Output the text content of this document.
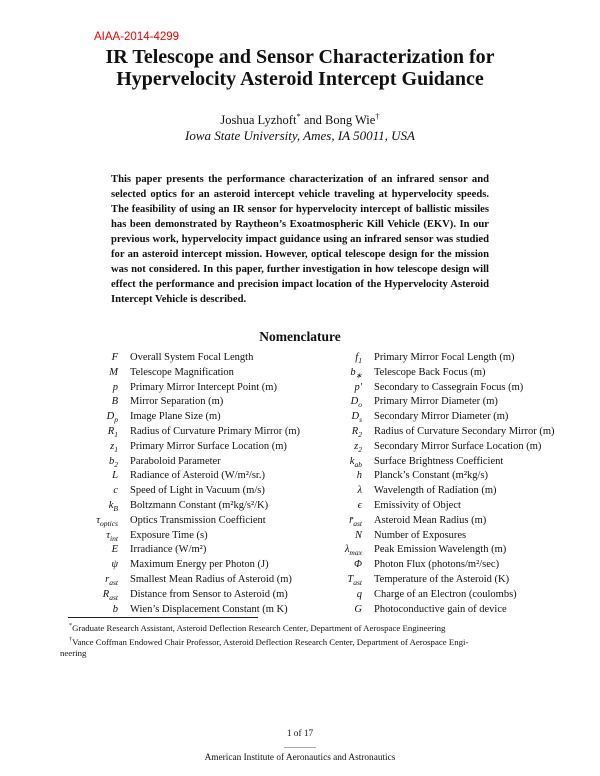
AIAA-2014-4299
IR Telescope and Sensor Characterization for
Hypervelocity Asteroid Intercept Guidance
Joshua Lyzhoft* and Bong Wie†
Iowa State University, Ames, IA 50011, USA
This paper presents the performance characterization of an infrared sensor and selected optics for an asteroid intercept vehicle traveling at hypervelocity speeds. The feasibility of using an IR sensor for hypervelocity intercept of ballistic missiles has been demonstrated by Raytheon’s Exoatmospheric Kill Vehicle (EKV). In our previous work, hypervelocity impact guidance using an infrared sensor was studied for an asteroid intercept mission. However, optical telescope design for the mission was not considered. In this paper, further investigation in how telescope design will effect the performance and precision impact location of the Hypervelocity Asteroid Intercept Vehicle is described.
Nomenclature
F	Overall System Focal Length	$f_1$	Primary Mirror Focal Length (m)
M	Telescope Magnification	$b_∗$	Telescope Back Focus (m)
p	Primary Mirror Intercept Point (m)	p′	Secondary to Cassegrain Focus (m)
B	Mirror Separation (m)	$D_o$	Primary Mirror Diameter (m)
$D_p$	Image Plane Size (m)	$D_s$	Secondary Mirror Diameter (m)
$R_1$	Radius of Curvature Primary Mirror (m)	$R_2$	Radius of Curvature Secondary Mirror (m)
$z_1$	Primary Mirror Surface Location (m)	$z_2$	Secondary Mirror Surface Location (m)
$b_2$	Paraboloid Parameter	$k_{ab}$	Surface Brightness Coefficient
L	Radiance of Asteroid (W/m²/sr.)	h	Planck’s Constant (m²kg/s)
c	Speed of Light in Vacuum (m/s)	λ	Wavelength of Radiation (m)
$k_B$	Boltzmann Constant (m²kg/s²/K)	ϵ	Emissivity of Object
$\tau_{optics}$	Optics Transmission Coefficient	$r̄_{ast}$	Asteroid Mean Radius (m)
$\tau_{int}$	Exposure Time (s)	N	Number of Exposures
E	Irradiance (W/m²)	$\lambda_{max}$	Peak Emission Wavelength (m)
ψ	Maximum Energy per Photon (J)	Φ	Photon Flux (photons/m²/sec)
$r_{ast}$	Smallest Mean Radius of Asteroid (m)	$T_{ast}$	Temperature of the Asteroid (K)
$R_{ast}$	Distance from Sensor to Asteroid (m)	q	Charge of an Electron (coulombs)
b	Wien’s Displacement Constant (m K)	G	Photoconductive gain of device
*Graduate Research Assistant, Asteroid Deflection Research Center, Department of Aerospace Engineering
†Vance Coffman Endowed Chair Professor, Asteroid Deflection Research Center, Department of Aerospace Engi-
neering
1 of 17
American Institute of Aeronautics and Astronautics
